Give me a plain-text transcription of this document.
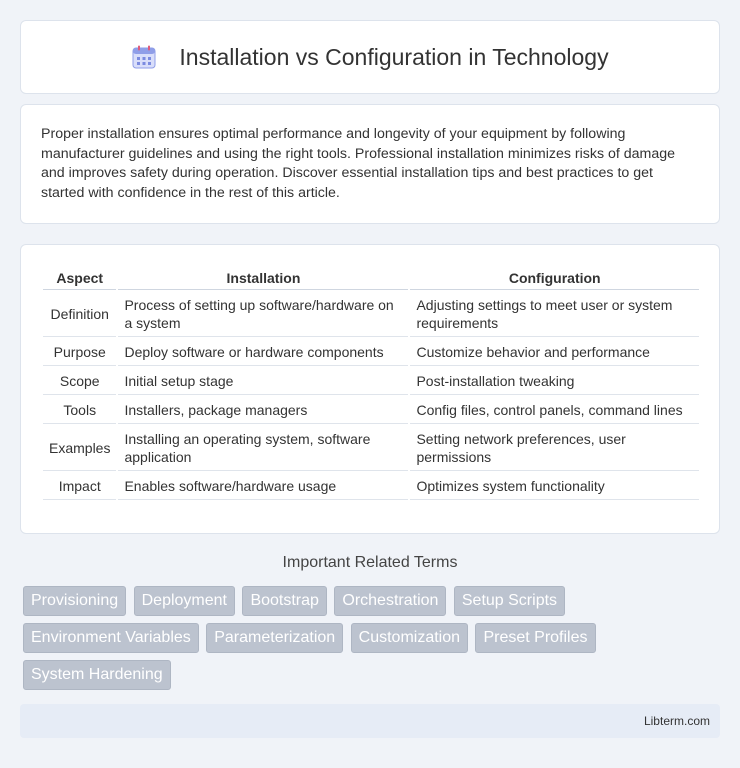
Installation vs Configuration in Technology

Proper installation ensures optimal performance and longevity of your equipment by following manufacturer guidelines and using the right tools. Professional installation minimizes risks of damage and improves safety during operation. Discover essential installation tips and best practices to get started with confidence in the rest of this article.

Aspect	Installation	Configuration
Definition	Process of setting up software/hardware on a system	Adjusting settings to meet user or system requirements
Purpose	Deploy software or hardware components	Customize behavior and performance
Scope	Initial setup stage	Post-installation tweaking
Tools	Installers, package managers	Config files, control panels, command lines
Examples	Installing an operating system, software application	Setting network preferences, user permissions
Impact	Enables software/hardware usage	Optimizes system functionality
Important Related Terms
Provisioning Deployment Bootstrap Orchestration Setup Scripts Environment Variables Parameterization Customization Preset Profiles System Hardening
Libterm.com
